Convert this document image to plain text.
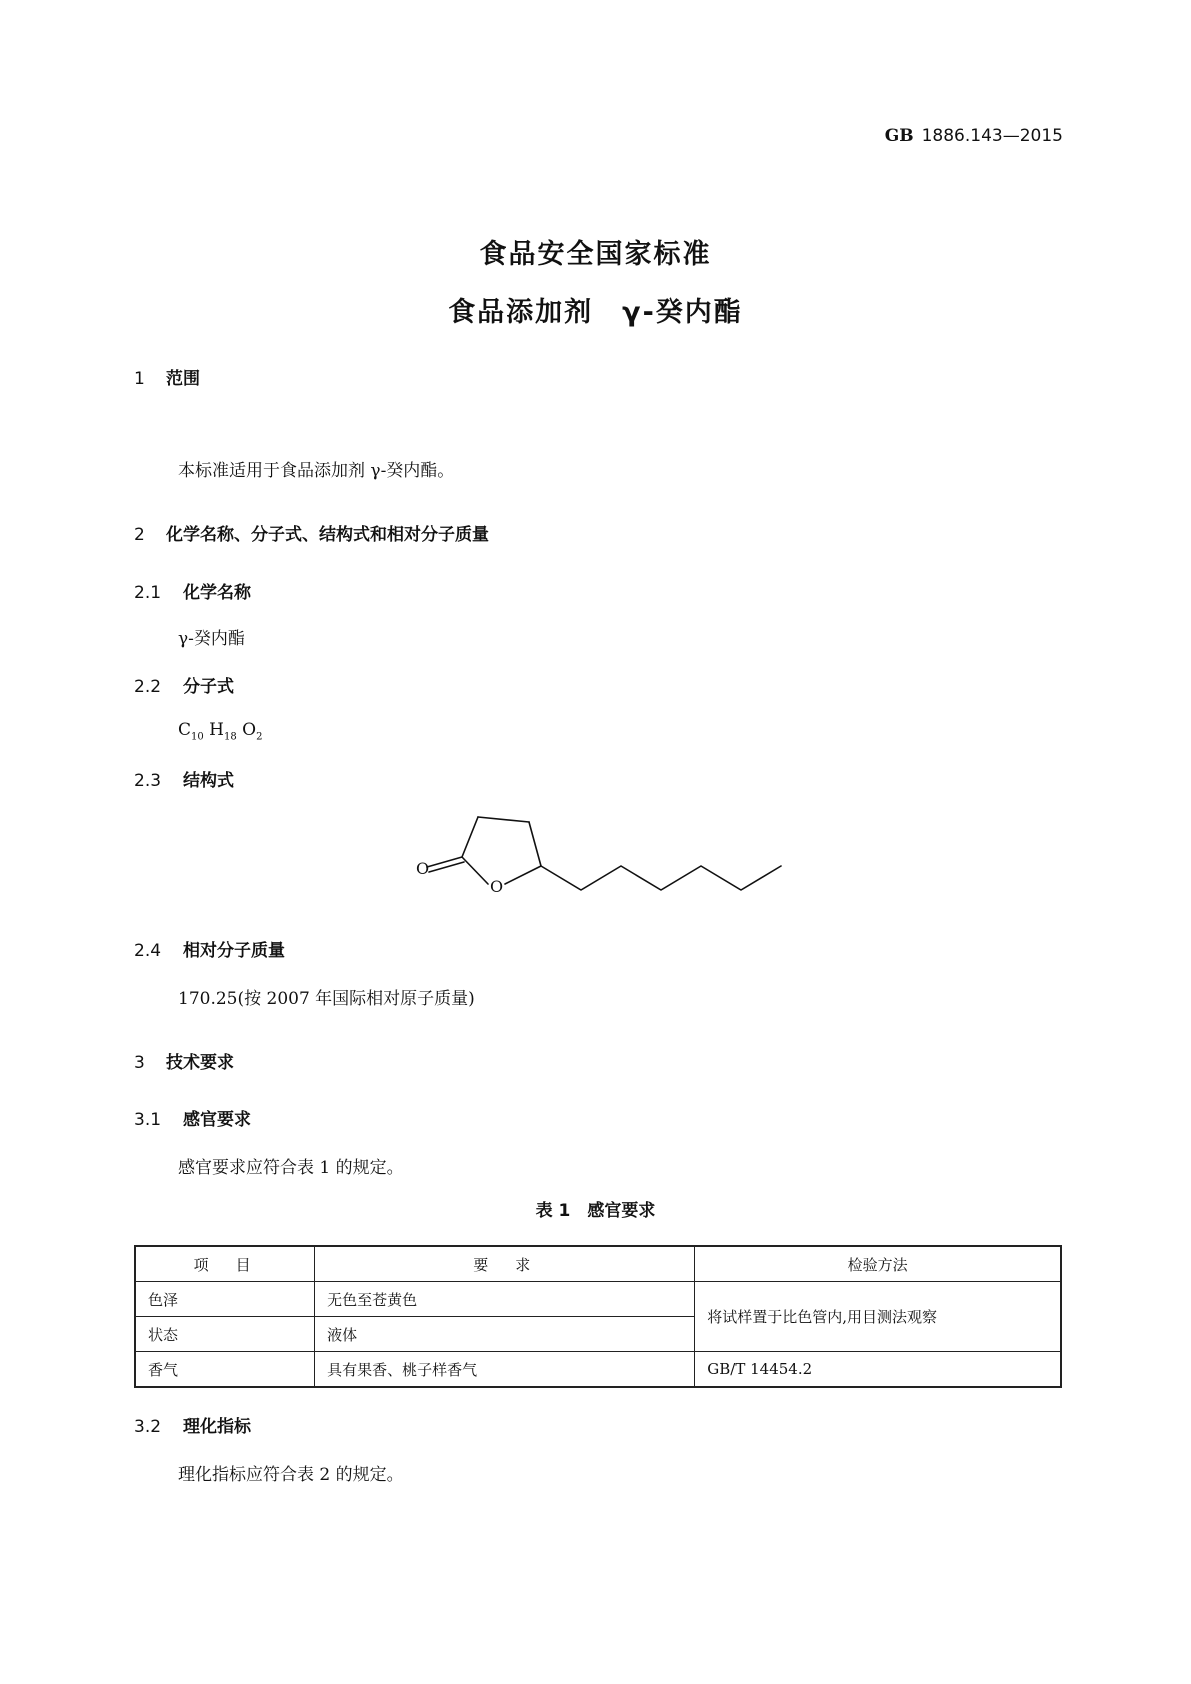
GB 1886.143—2015
食品安全国家标准
食品添加剂　γ-癸内酯
1 范围
本标准适用于食品添加剂 γ-癸内酯。
2 化学名称、分子式、结构式和相对分子质量
2.1 化学名称
γ-癸内酯
2.2 分子式
$C_{10}$ $H_{18}$ $O_2$
2.3 结构式
O
O
2.4 相对分子质量
170.25(按 2007 年国际相对原子质量)
3 技术要求
3.1 感官要求
感官要求应符合表 1 的规定。
表 1　感官要求
项　目	要　求	检验方法
色泽	无色至苍黄色	将试样置于比色管内,用目测法观察
状态	液体	
香气	具有果香、桃子样香气	GB/T 14454.2
3.2 理化指标
理化指标应符合表 2 的规定。
